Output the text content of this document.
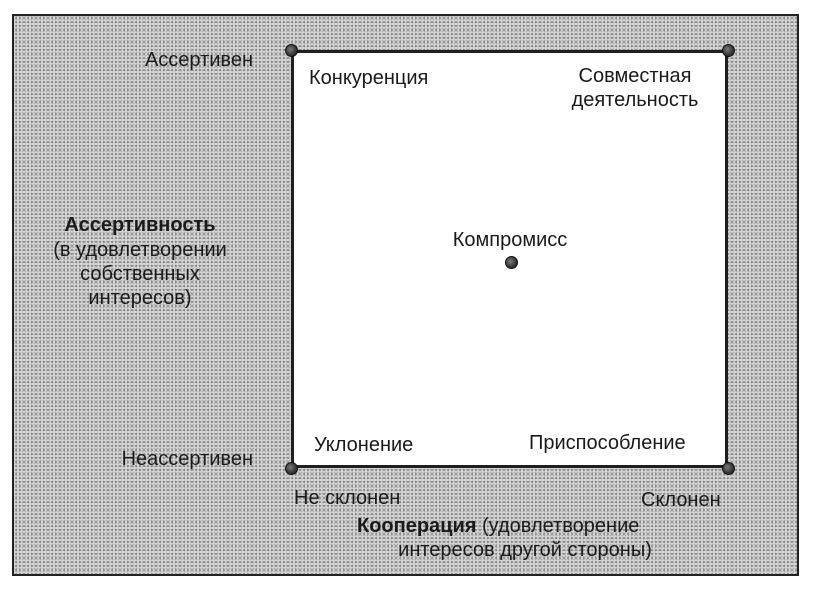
Ассертивен
Неассертивен
Ассертивность
(в удовлетворении
собственных
интересов)
Конкуренция	Совместная
деятельность
Компромисс
Уклонение	Приспособление
Не склонен	Склонен
Кооперация (удовлетворение
интересов другой стороны)
